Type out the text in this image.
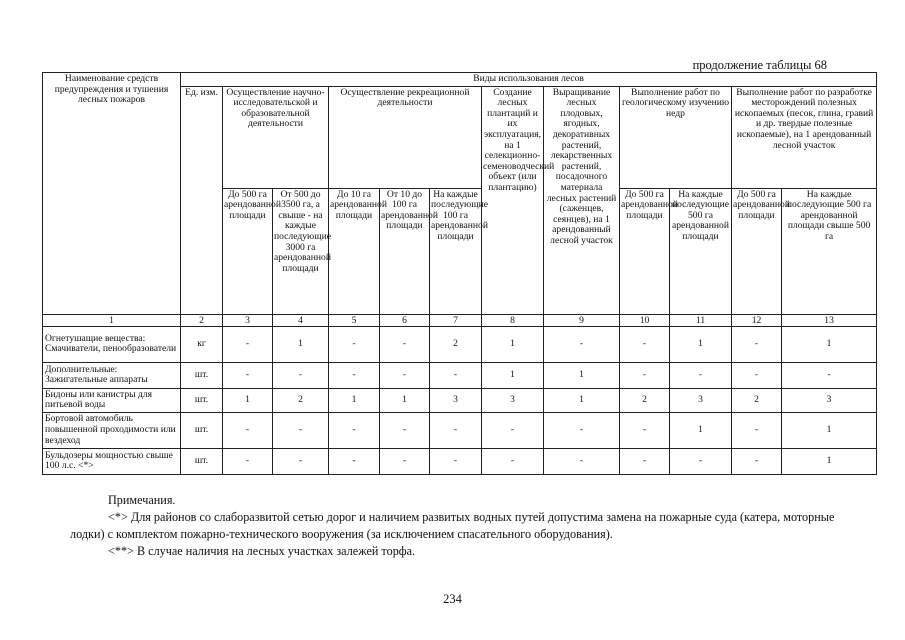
продолжение таблицы 68
Наименование средств предупреждения и тушения лесных пожаров	Виды использования лесов											
	Ед. изм.	Осуществление научно-исследовательской и образовательной деятельности		Осуществление рекреационной деятельности			Создание лесных плантаций и их эксплуатация, на 1 селекционно-семеноводческий объект (или плантацию)	Выращивание лесных плодовых, ягодных, декоративных растений, лекарственных растений, посадочного материала лесных растений (саженцев, сеянцев), на 1 арендованный лесной участок	Выполнение работ по геологическому изучению недр		Выполнение работ по разработке месторождений полезных ископаемых (песок, глина, гравий и др. твердые полезные ископаемые), на 1 арендованный лесной участок	
		До 500 га арендованной площади	От 500 до 3500 га, а свыше - на каждые последующие 3000 га арендованной площади	До 10 га арендованной площади	От 10 до 100 га арендованной площади	На каждые последующие 100 га арендованной площади			До 500 га арендованной площади	На каждые последующие 500 га арендованной площади	До 500 га арендованной площади	На каждые последующие 500 га арендованной площади свыше 500 га
1	2	3	4	5	6	7	8	9	10	11	12	13
Огнетушащие вещества: Смачиватели, пенообразователи	кг	-	1	-	-	2	1	-	-	1	-	1
Дополнительные: Зажигательные аппараты	шт.	-	-	-	-	-	1	1	-	-	-	-
Бидоны или канистры для питьевой воды	шт.	1	2	1	1	3	3	1	2	3	2	3
Бортовой автомобиль повышенной проходимости или вездеход	шт.	-	-	-	-	-	-	-	-	1	-	1
Бульдозеры мощностью свыше 100 л.с. <*>	шт.	-	-	-	-	-	-	-	-	-	-	1
Примечания.
<*> Для районов со слаборазвитой сетью дорог и наличием развитых водных путей допустима замена на пожарные суда (катера, моторные лодки) с комплектом пожарно-технического вооружения (за исключением спасательного оборудования).
<**> В случае наличия на лесных участках залежей торфа.
234
